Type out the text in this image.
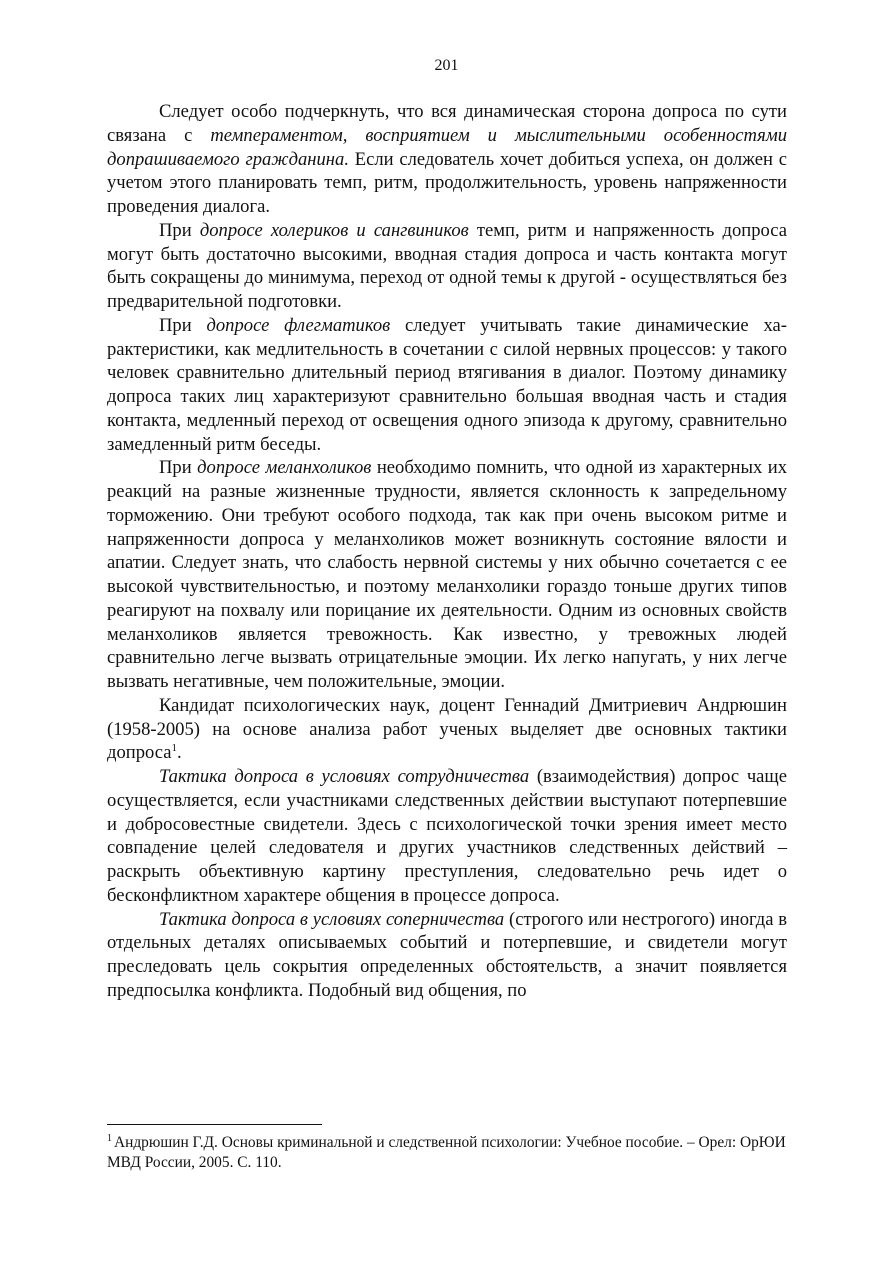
201

Следует особо подчеркнуть, что вся динамическая сторона допроса по сути связана с темпераментом, восприятием и мыслительными особенностями допрашиваемого гражданина. Если следователь хочет добиться успеха, он должен с учетом этого планировать темп, ритм, продолжительность, уровень напряженности проведения диалога.

При допросе холериков и сангвиников темп, ритм и напряженность допроса могут быть достаточно высокими, вводная стадия допроса и часть контакта могут быть сокращены до минимума, переход от одной темы к другой - осуществляться без предварительной подготовки.

При допросе флегматиков следует учитывать такие динамические характеристики, как медлительность в сочетании с силой нервных процессов: у такого человек сравнительно длительный период втягивания в диалог. Поэтому динамику допроса таких лиц характеризуют сравнительно большая вводная часть и стадия контакта, медленный переход от освещения одного эпизода к другому, сравнительно замедленный ритм беседы.

При допросе меланхоликов необходимо помнить, что одной из характерных их реакций на разные жизненные трудности, является склонность к запредельному торможению. Они требуют особого подхода, так как при очень высоком ритме и напряженности допроса у меланхоликов может возникнуть состояние вялости и апатии. Следует знать, что слабость нервной системы у них обычно сочетается с ее высокой чувствительностью, и поэтому меланхолики гораздо тоньше других типов реагируют на похвалу или порицание их деятельности. Одним из основных свойств меланхоликов является тревожность. Как известно, у тревожных людей сравнительно легче вызвать отрицательные эмоции. Их легко напугать, у них легче вызвать негативные, чем положительные, эмоции.

Кандидат психологических наук, доцент Геннадий Дмитриевич Андрюшин (1958-2005) на основе анализа работ ученых выделяет две основных тактики допроса$^1$.

Тактика допроса в условиях сотрудничества (взаимодействия) допрос чаще осуществляется, если участниками следственных действии выступают потерпевшие и добросовестные свидетели. Здесь с психологической точки зрения имеет место совпадение целей следователя и других участников следственных действий – раскрыть объективную картину преступления, следовательно речь идет о бесконфликтном характере общения в процессе допроса.

Тактика допроса в условиях соперничества (строгого или нестрогого) иногда в отдельных деталях описываемых событий и потерпевшие, и свидетели могут преследовать цель сокрытия определенных обстоятельств, а значит появляется предпосылка конфликта. Подобный вид общения, по

$^1$ Андрюшин Г.Д. Основы криминальной и следственной психологии: Учебное пособие. – Орел: ОрЮИ МВД России, 2005. С. 110.
